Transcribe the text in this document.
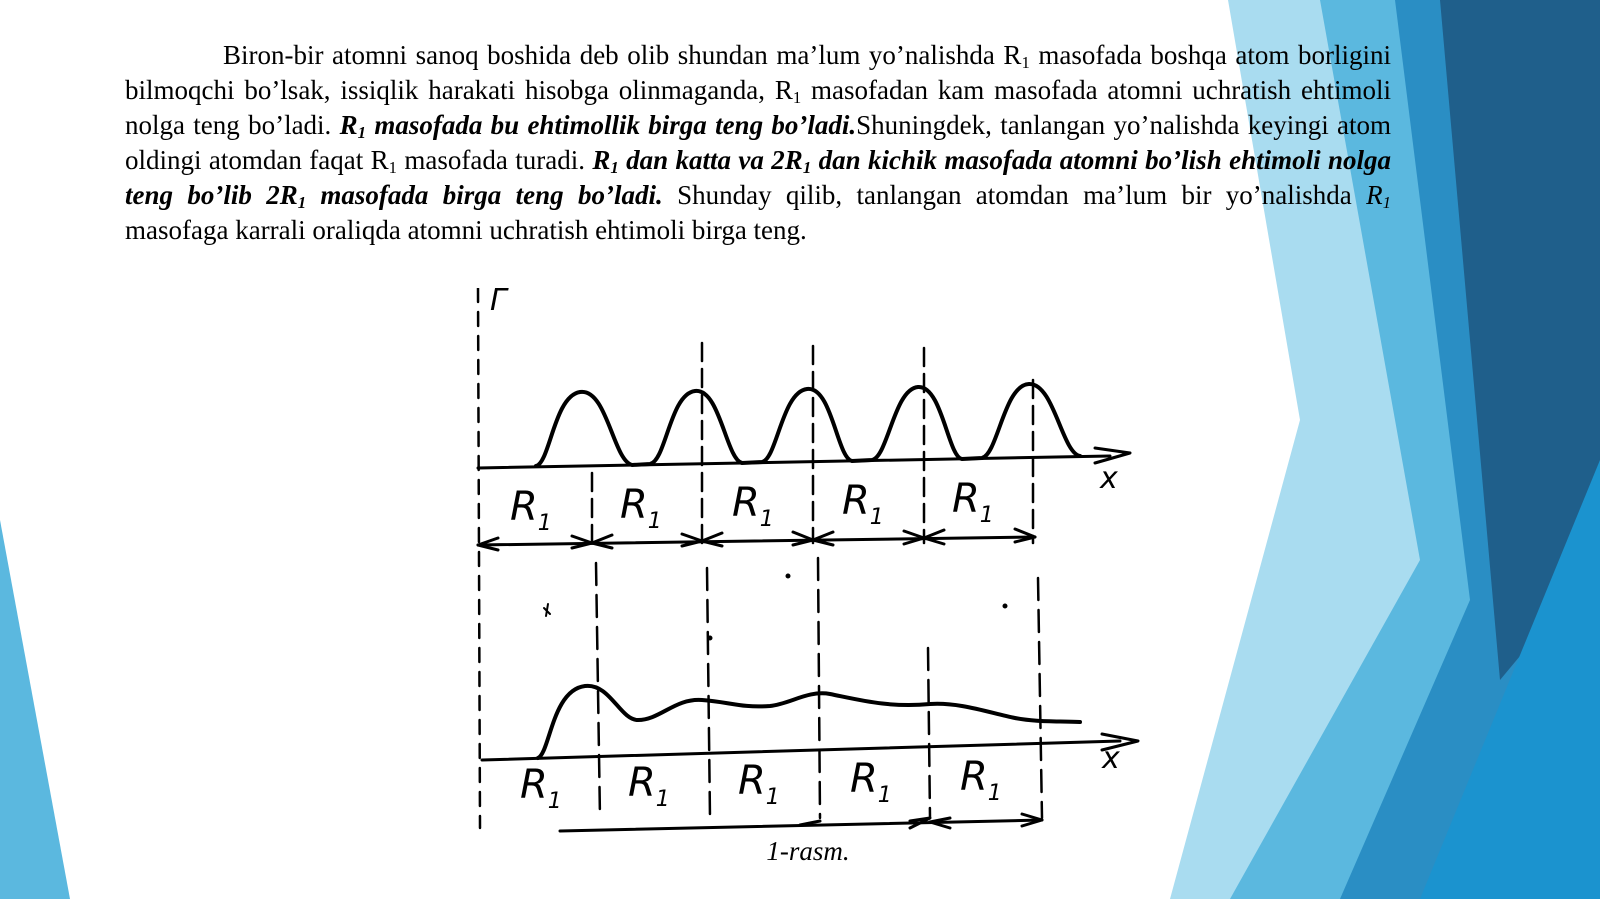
Biron-bir atomni sanoq boshida deb olib shundan ma’lum yo’nalishda $R_1$ masofada boshqa atom borligini bilmoqchi bo’lsak, issiqlik harakati hisobga olinmaganda, $R_1$ masofadan kam masofada atomni uchratish ehtimoli nolga teng bo’ladi. $R_1$ masofada bu ehtimollik birga teng bo’ladi.Shuningdek, tanlangan yo’nalishda keyingi atom oldingi atomdan faqat $R_1$ masofada turadi. $R_1$ dan katta va $2R_1$ dan kichik masofada atomni bo’lish ehtimoli nolga teng bo’lib $2R_1$ masofada birga teng bo’ladi. Shunday qilib, tanlangan atomdan ma’lum bir yo’nalishda $R_1$ masofaga karrali oraliqda atomni uchratish ehtimoli birga teng.

Г
x
x
$R_1$ $R_1$ $R_1$ $R_1$ $R_1$
$R_1$ $R_1$ $R_1$ $R_1$ $R_1$
1-rasm.
